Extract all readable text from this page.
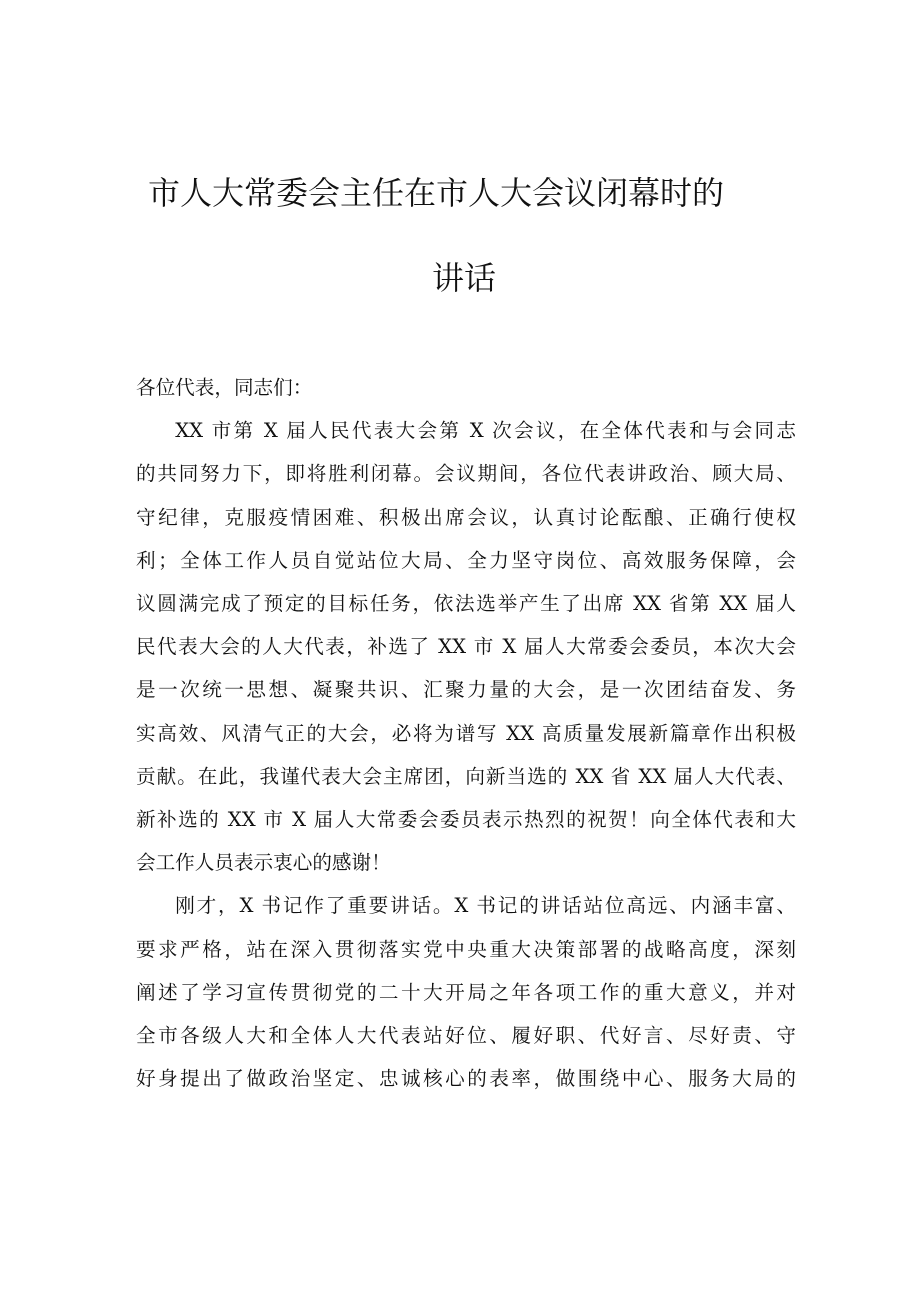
市人大常委会主任在市人大会议闭幕时的
讲话

各位代表，同志们：

XX 市第 X 届人民代表大会第 X 次会议，在全体代表和与会同志
的共同努力下，即将胜利闭幕。会议期间，各位代表讲政治、顾大局、
守纪律，克服疫情困难、积极出席会议，认真讨论酝酿、正确行使权
利；全体工作人员自觉站位大局、全力坚守岗位、高效服务保障，会
议圆满完成了预定的目标任务，依法选举产生了出席 XX 省第 XX 届人
民代表大会的人大代表，补选了 XX 市 X 届人大常委会委员，本次大会
是一次统一思想、凝聚共识、汇聚力量的大会，是一次团结奋发、务
实高效、风清气正的大会，必将为谱写 XX 高质量发展新篇章作出积极
贡献。在此，我谨代表大会主席团，向新当选的 XX 省 XX 届人大代表、
新补选的 XX 市 X 届人大常委会委员表示热烈的祝贺！向全体代表和大
会工作人员表示衷心的感谢！

刚才，X 书记作了重要讲话。X 书记的讲话站位高远、内涵丰富、
要求严格，站在深入贯彻落实党中央重大决策部署的战略高度，深刻
阐述了学习宣传贯彻党的二十大开局之年各项工作的重大意义，并对
全市各级人大和全体人大代表站好位、履好职、代好言、尽好责、守
好身提出了做政治坚定、忠诚核心的表率，做围绕中心、服务大局的
